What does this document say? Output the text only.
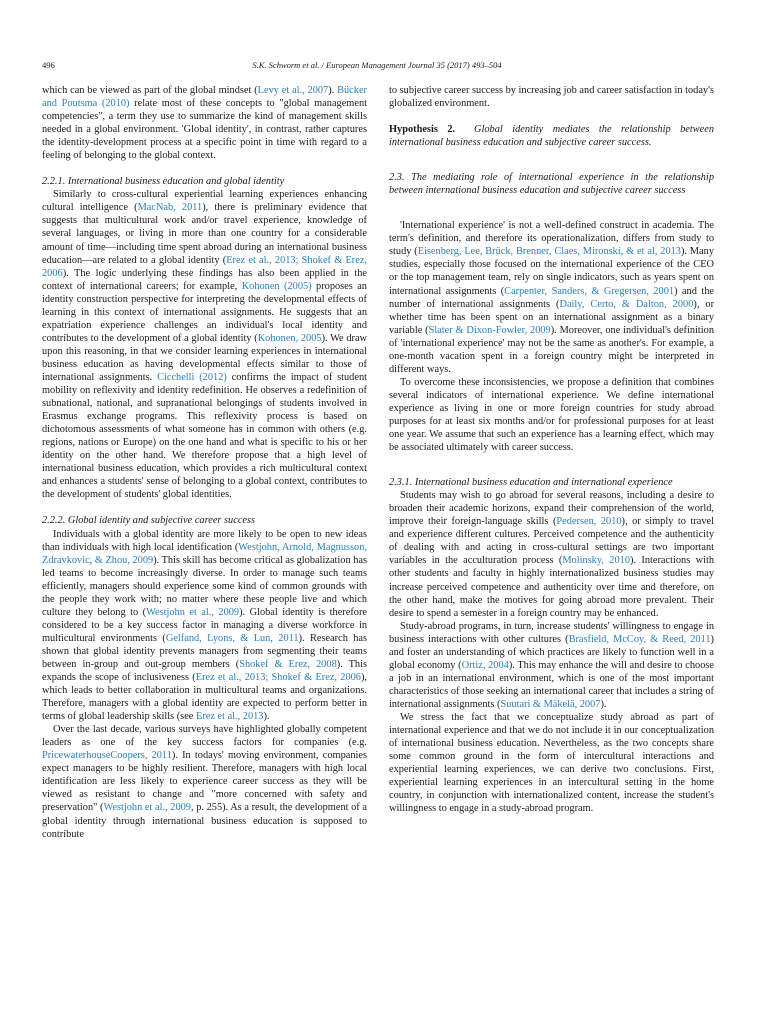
496	S.K. Schworm et al. / European Management Journal 35 (2017) 493–504

which can be viewed as part of the global mindset (Levy et al., 2007). Bücker and Poutsma (2010) relate most of these concepts to "global management competencies", a term they use to summarize the kind of management skills needed in a global environment. 'Global identity', in contrast, rather captures the identity-development process at a specific point in time with regard to a feeling of belonging to the global context.

2.2.1. International business education and global identity

Similarly to cross-cultural experiential learning experiences enhancing cultural intelligence (MacNab, 2011), there is preliminary evidence that suggests that multicultural work and/or travel experience, knowledge of several languages, or living in more than one country for a considerable amount of time—including time spent abroad during an international business education—are related to a global identity (Erez et al., 2013; Shokef & Erez, 2006). The logic underlying these findings has also been applied in the context of international careers; for example, Kohonen (2005) proposes an identity construction perspective for interpreting the developmental effects of learning in this context of international assignments. He suggests that an expatriation experience challenges an individual's local identity and contributes to the development of a global identity (Kohonen, 2005). We draw upon this reasoning, in that we consider learning experiences in international business education as having developmental effects similar to those of international assignments. Cicchelli (2012) confirms the impact of student mobility on reflexivity and identity redefinition. He observes a redefinition of subnational, national, and supranational belongings of students involved in Erasmus exchange programs. This reflexivity process is based on dichotomous assessments of what someone has in common with others (e.g. regions, nations or Europe) on the one hand and what is specific to his or her identity on the other hand. We therefore propose that a high level of international business education, which provides a rich multicultural context and enhances a students' sense of belonging to a global context, contributes to the development of students' global identities.

2.2.2. Global identity and subjective career success

Individuals with a global identity are more likely to be open to new ideas than individuals with high local identification (Westjohn, Arnold, Magnusson, Zdravkovic, & Zhou, 2009). This skill has become critical as globalization has led teams to become increasingly diverse. In order to manage such teams efficiently, managers should experience some kind of common grounds with the people they work with; no matter where these people live and which culture they belong to (Westjohn et al., 2009). Global identity is therefore considered to be a key success factor in managing a diverse workforce in multicultural environments (Gelfand, Lyons, & Lun, 2011). Research has shown that global identity prevents managers from segmenting their teams between in-group and out-group members (Shokef & Erez, 2008). This expands the scope of inclusiveness (Erez et al., 2013; Shokef & Erez, 2006), which leads to better collaboration in multicultural teams and organizations. Therefore, managers with a global identity are expected to perform better in terms of global leadership skills (see Erez et al., 2013).

Over the last decade, various surveys have highlighted globally competent leaders as one of the key success factors for companies (e.g. PricewaterhouseCoopers, 2011). In todays' moving environment, companies expect managers to be highly resilient. Therefore, managers with high local identification are less likely to experience career success as they will be viewed as resistant to change and "more concerned with safety and preservation" (Westjohn et al., 2009, p. 255). As a result, the development of a global identity through international business education is supposed to contribute

to subjective career success by increasing job and career satisfaction in today's globalized environment.

Hypothesis 2. Global identity mediates the relationship between international business education and subjective career success.

2.3. The mediating role of international experience in the relationship between international business education and subjective career success

'International experience' is not a well-defined construct in academia. The term's definition, and therefore its operationalization, differs from study to study (Eisenberg, Lee, Brück, Brenner, Claes, Mironski, & et al, 2013). Many studies, especially those focused on the international experience of the CEO or the top management team, rely on single indicators, such as years spent on international assignments (Carpenter, Sanders, & Gregersen, 2001) and the number of international assignments (Daily, Certo, & Dalton, 2000), or whether time has been spent on an international assignment as a binary variable (Slater & Dixon-Fowler, 2009). Moreover, one individual's definition of 'international experience' may not be the same as another's. For example, a one-month vacation spent in a foreign country might be interpreted in different ways.

To overcome these inconsistencies, we propose a definition that combines several indicators of international experience. We define international experience as living in one or more foreign countries for study abroad purposes for at least six months and/or for professional purposes for at least one year. We assume that such an experience has a learning effect, which may be associated ultimately with career success.

2.3.1. International business education and international experience

Students may wish to go abroad for several reasons, including a desire to broaden their academic horizons, expand their comprehension of the world, improve their foreign-language skills (Pedersen, 2010), or simply to travel and experience different cultures. Perceived competence and the authenticity of dealing with and acting in cross-cultural settings are two important variables in the acculturation process (Molinsky, 2010). Interactions with other students and faculty in highly internationalized business studies may increase perceived competence and authenticity over time and therefore, on the other hand, make the motives for going abroad more prevalent. Their desire to spend a semester in a foreign country may be enhanced.

Study-abroad programs, in turn, increase students' willingness to engage in business interactions with other cultures (Brasfield, McCoy, & Reed, 2011) and foster an understanding of which practices are likely to function well in a global economy (Ortiz, 2004). This may enhance the will and desire to choose a job in an international environment, which is one of the most important characteristics of those seeking an international career that includes a string of international assignments (Suutari & Mäkelä, 2007).

We stress the fact that we conceptualize study abroad as part of international experience and that we do not include it in our conceptualization of international business education. Nevertheless, as the two concepts share some common ground in the form of intercultural interactions and experiential learning experiences, we can derive two conclusions. First, experiential learning experiences in an intercultural setting in the home country, in conjunction with internationalized content, increase the student's willingness to engage in a study-abroad program.
